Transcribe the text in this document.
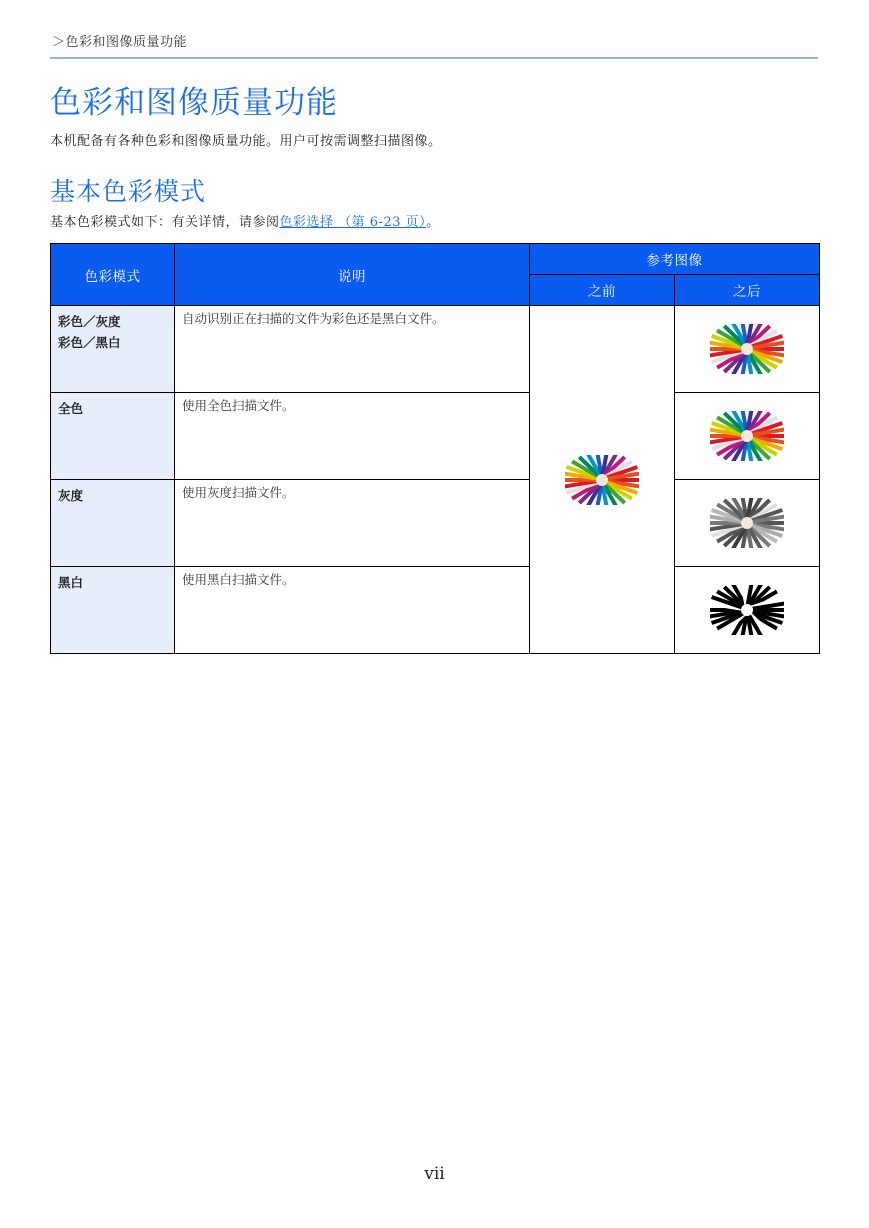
＞色彩和图像质量功能
色彩和图像质量功能
本机配备有各种色彩和图像质量功能。用户可按需调整扫描图像。
基本色彩模式
基本色彩模式如下：有关详情，请参阅色彩选择 （第 6-23 页）。
色彩模式	说明	参考图像	
		之前	之后

彩色／灰度
彩色／黑白	自动识别正在扫描的文件为彩色还是黑白文件。	

全色	使用全色扫描文件。	

灰度	使用灰度扫描文件。	

黑白	使用黑白扫描文件。	
vii
